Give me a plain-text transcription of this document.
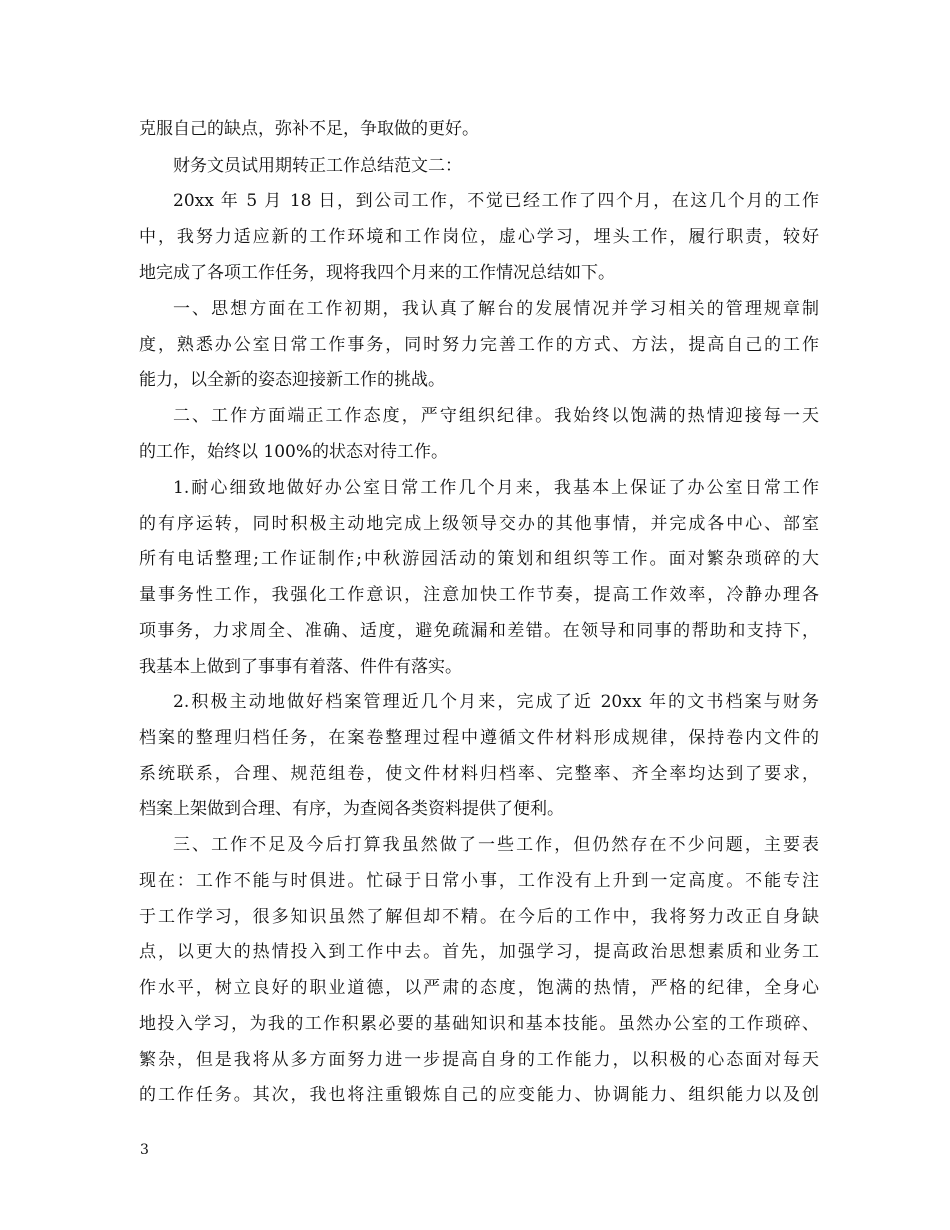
克服自己的缺点，弥补不足，争取做的更好。
财务文员试用期转正工作总结范文二：
20xx 年 5 月 18 日，到公司工作，不觉已经工作了四个月，在这几个月的工作
中，我努力适应新的工作环境和工作岗位，虚心学习，埋头工作，履行职责，较好
地完成了各项工作任务，现将我四个月来的工作情况总结如下。
一、思想方面在工作初期，我认真了解台的发展情况并学习相关的管理规章制
度，熟悉办公室日常工作事务，同时努力完善工作的方式、方法，提高自己的工作
能力，以全新的姿态迎接新工作的挑战。
二、工作方面端正工作态度，严守组织纪律。我始终以饱满的热情迎接每一天
的工作，始终以 100%的状态对待工作。
1.耐心细致地做好办公室日常工作几个月来，我基本上保证了办公室日常工作
的有序运转，同时积极主动地完成上级领导交办的其他事情，并完成各中心、部室
所有电话整理;工作证制作;中秋游园活动的策划和组织等工作。面对繁杂琐碎的大
量事务性工作，我强化工作意识，注意加快工作节奏，提高工作效率，冷静办理各
项事务，力求周全、准确、适度，避免疏漏和差错。在领导和同事的帮助和支持下，
我基本上做到了事事有着落、件件有落实。
2.积极主动地做好档案管理近几个月来，完成了近 20xx 年的文书档案与财务
档案的整理归档任务，在案卷整理过程中遵循文件材料形成规律，保持卷内文件的
系统联系，合理、规范组卷，使文件材料归档率、完整率、齐全率均达到了要求，
档案上架做到合理、有序，为查阅各类资料提供了便利。
三、工作不足及今后打算我虽然做了一些工作，但仍然存在不少问题，主要表
现在：工作不能与时俱进。忙碌于日常小事，工作没有上升到一定高度。不能专注
于工作学习，很多知识虽然了解但却不精。在今后的工作中，我将努力改正自身缺
点，以更大的热情投入到工作中去。首先，加强学习，提高政治思想素质和业务工
作水平，树立良好的职业道德，以严肃的态度，饱满的热情，严格的纪律，全身心
地投入学习，为我的工作积累必要的基础知识和基本技能。虽然办公室的工作琐碎、
繁杂，但是我将从多方面努力进一步提高自身的工作能力，以积极的心态面对每天
的工作任务。其次，我也将注重锻炼自己的应变能力、协调能力、组织能力以及创
3
